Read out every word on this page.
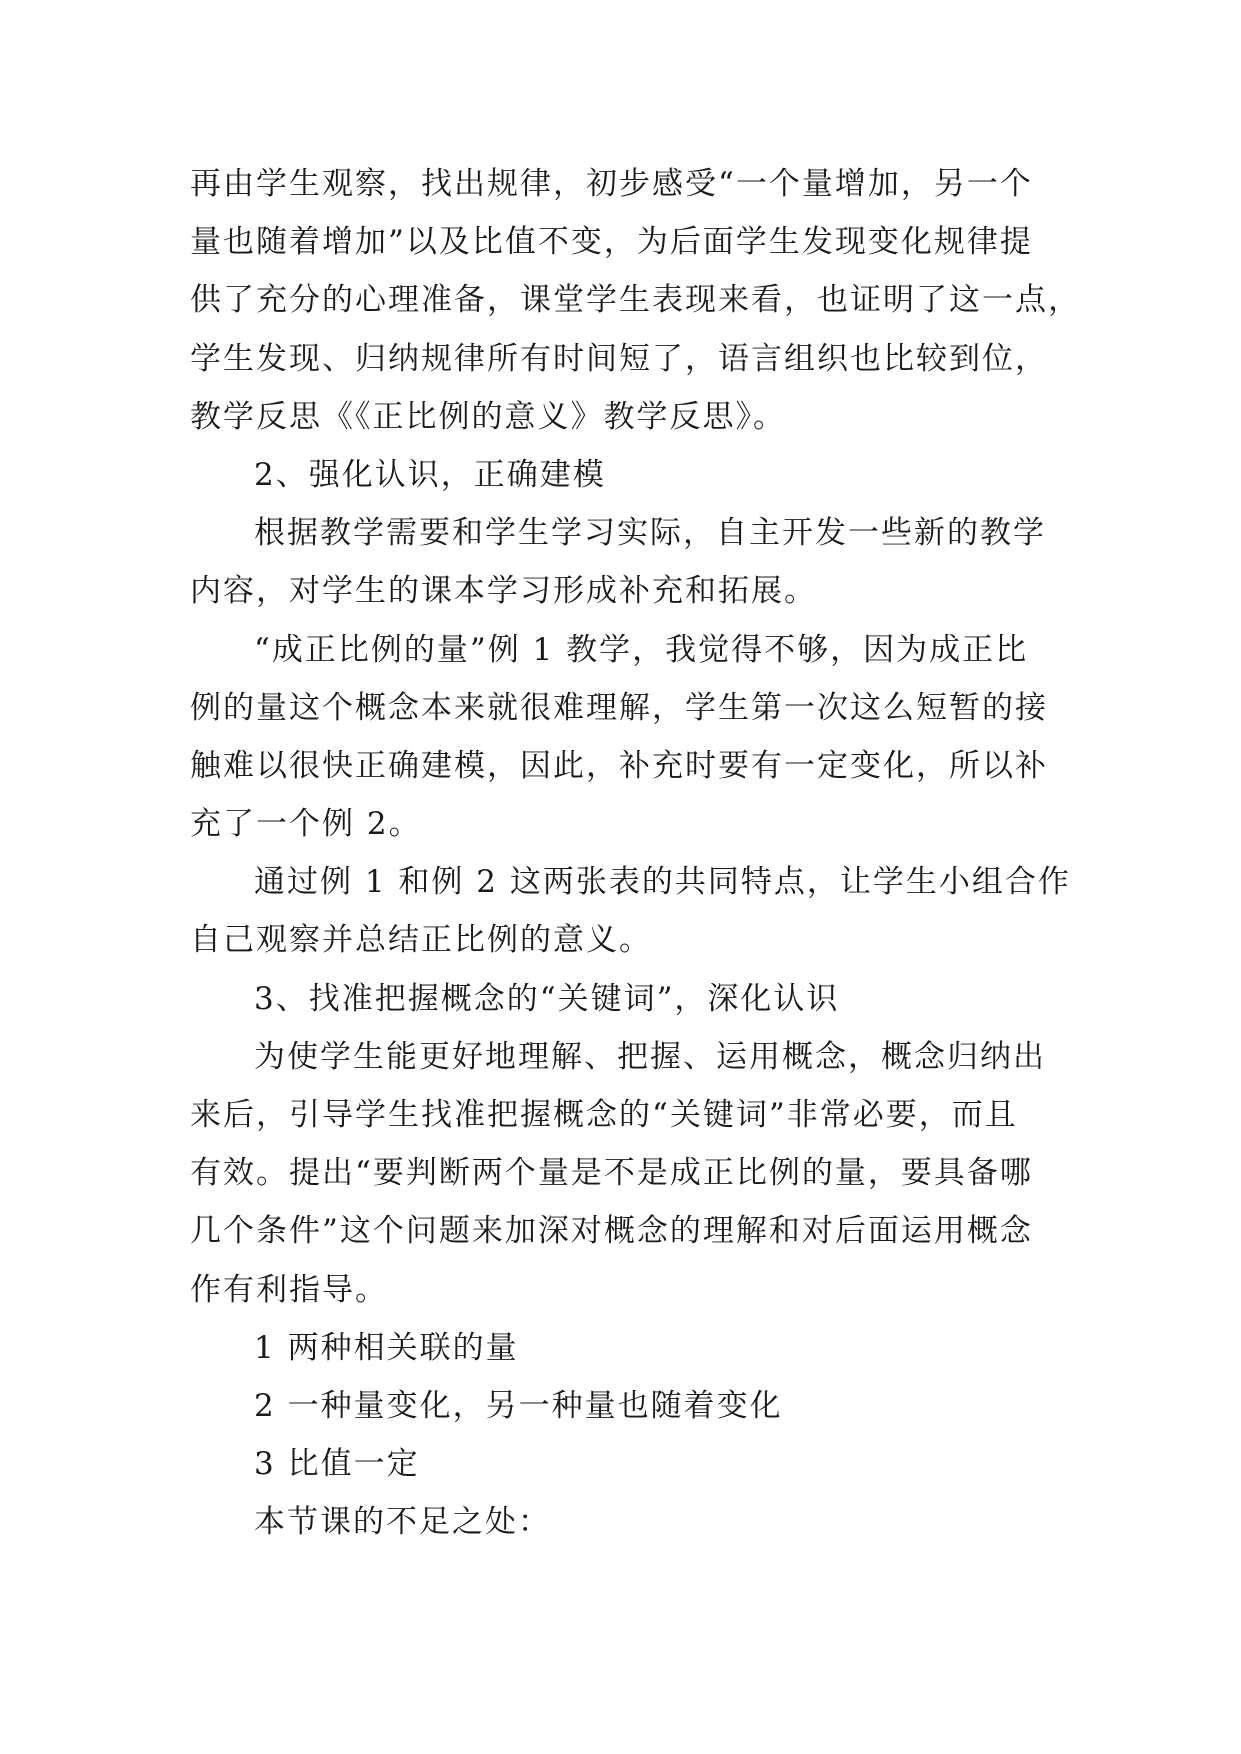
再由学生观察，找出规律，初步感受“一个量增加，另一个
量也随着增加”以及比值不变，为后面学生发现变化规律提
供了充分的心理准备，课堂学生表现来看，也证明了这一点，
学生发现、归纳规律所有时间短了，语言组织也比较到位，
教学反思《《正比例的意义》教学反思》。
2、强化认识，正确建模
根据教学需要和学生学习实际，自主开发一些新的教学
内容，对学生的课本学习形成补充和拓展。
“成正比例的量”例 1 教学，我觉得不够，因为成正比
例的量这个概念本来就很难理解，学生第一次这么短暂的接
触难以很快正确建模，因此，补充时要有一定变化，所以补
充了一个例 2。
通过例 1 和例 2 这两张表的共同特点，让学生小组合作
自己观察并总结正比例的意义。
3、找准把握概念的“关键词”，深化认识
为使学生能更好地理解、把握、运用概念，概念归纳出
来后，引导学生找准把握概念的“关键词”非常必要，而且
有效。提出“要判断两个量是不是成正比例的量，要具备哪
几个条件”这个问题来加深对概念的理解和对后面运用概念
作有利指导。
1 两种相关联的量
2 一种量变化，另一种量也随着变化
3 比值一定
本节课的不足之处：
